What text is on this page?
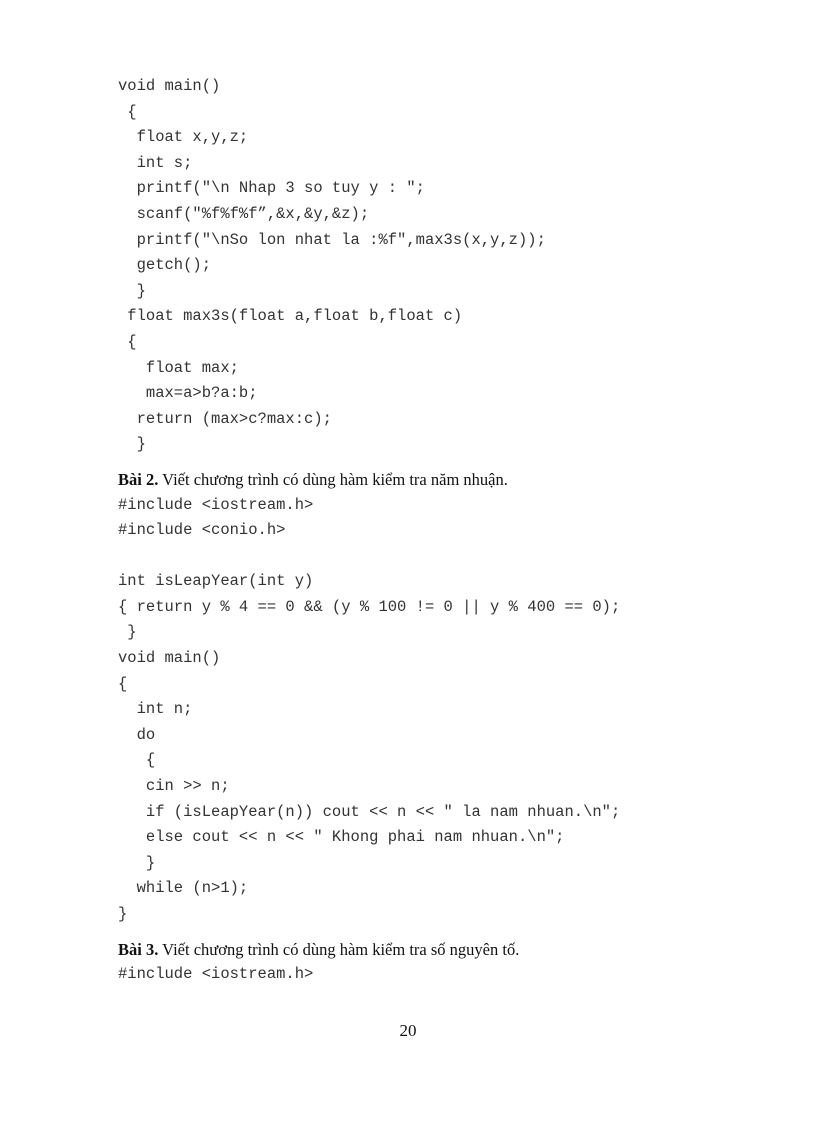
void main()
{
float x,y,z;
int s;
printf("\n Nhap 3 so tuy y : ";
scanf("%f%f%f”,&x,&y,&z);
printf("\nSo lon nhat la :%f",max3s(x,y,z));
getch();
}
float max3s(float a,float b,float c)
{
float max;
max=a>b?a:b;
return (max>c?max:c);
}
Bài 2. Viết chương trình có dùng hàm kiểm tra năm nhuận.
#include <iostream.h>
#include <conio.h>
int isLeapYear(int y)
{ return y % 4 == 0 && (y % 100 != 0 || y % 400 == 0);
}
void main()
{
int n;
do
{
cin >> n;
if (isLeapYear(n)) cout << n << " la nam nhuan.\n";
else cout << n << " Khong phai nam nhuan.\n";
}
while (n>1);
}
Bài 3. Viết chương trình có dùng hàm kiểm tra số nguyên tố.
#include <iostream.h>
20
